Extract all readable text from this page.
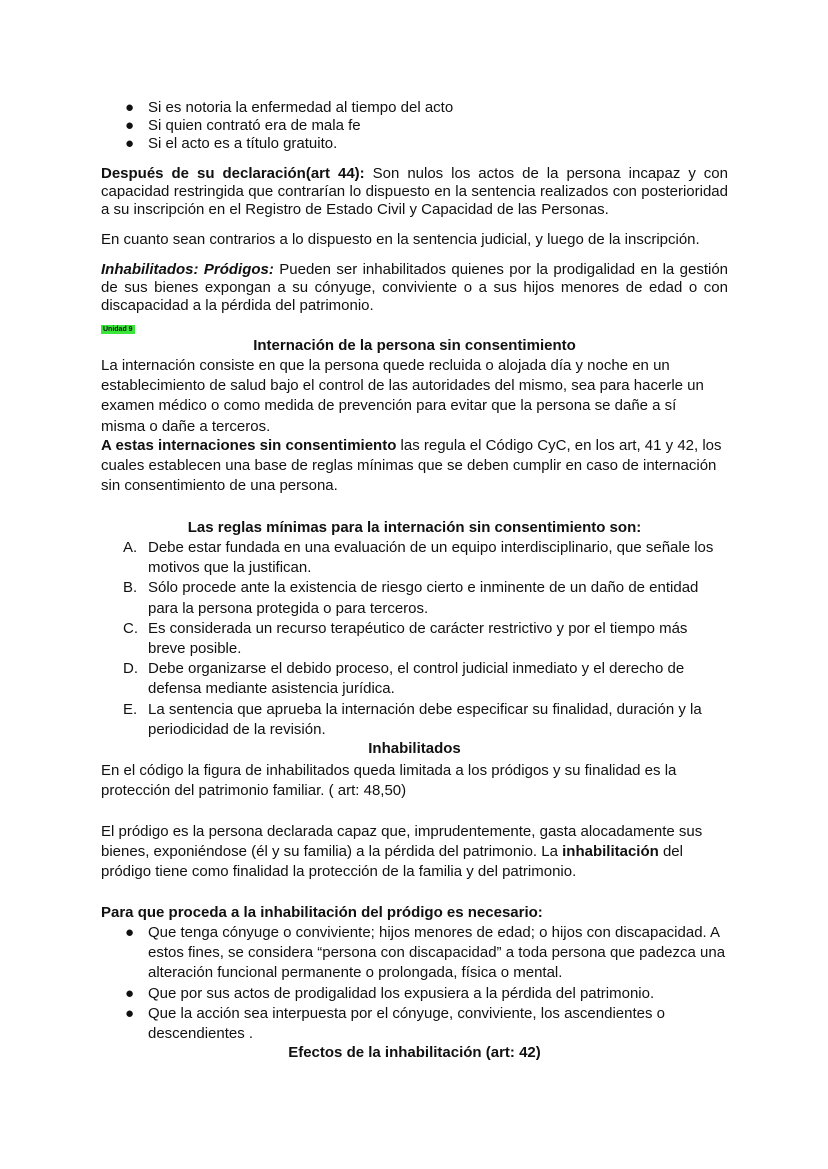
● Si es notoria la enfermedad al tiempo del acto
● Si quien contrató era de mala fe
● Si el acto es a título gratuito.

Después de su declaración(art 44): Son nulos los actos de la persona incapaz y con capacidad restringida que contrarían lo dispuesto en la sentencia realizados con posterioridad a su inscripción en el Registro de Estado Civil y Capacidad de las Personas.

En cuanto sean contrarios a lo dispuesto en la sentencia judicial, y luego de la inscripción.

Inhabilitados: Pródigos: Pueden ser inhabilitados quienes por la prodigalidad en la gestión de sus bienes expongan a su cónyuge, conviviente o a sus hijos menores de edad o con discapacidad a la pérdida del patrimonio.

Unidad 9
Internación de la persona sin consentimiento

La internación consiste en que la persona quede recluida o alojada día y noche en un establecimiento de salud bajo el control de las autoridades del mismo, sea para hacerle un examen médico o como medida de prevención para evitar que la persona se dañe a sí misma o dañe a terceros.

A estas internaciones sin consentimiento las regula el Código CyC, en los art, 41 y 42, los cuales establecen una base de reglas mínimas que se deben cumplir en caso de internación sin consentimiento de una persona.

Las reglas mínimas para la internación sin consentimiento son:
A. Debe estar fundada en una evaluación de un equipo interdisciplinario, que señale los motivos que la justifican.
B. Sólo procede ante la existencia de riesgo cierto e inminente de un daño de entidad para la persona protegida o para terceros.
C. Es considerada un recurso terapéutico de carácter restrictivo y por el tiempo más breve posible.
D. Debe organizarse el debido proceso, el control judicial inmediato y el derecho de defensa mediante asistencia jurídica.
E. La sentencia que aprueba la internación debe especificar su finalidad, duración y la periodicidad de la revisión.
Inhabilitados

En el código la figura de inhabilitados queda limitada a los pródigos y su finalidad es la protección del patrimonio familiar. ( art: 48,50)

El pródigo es la persona declarada capaz que, imprudentemente, gasta alocadamente sus bienes, exponiéndose (él y su familia) a la pérdida del patrimonio. La inhabilitación del pródigo tiene como finalidad la protección de la familia y del patrimonio.

Para que proceda a la inhabilitación del pródigo es necesario:
● Que tenga cónyuge o conviviente; hijos menores de edad; o hijos con discapacidad. A estos fines, se considera “persona con discapacidad” a toda persona que padezca una alteración funcional permanente o prolongada, física o mental.
● Que por sus actos de prodigalidad los expusiera a la pérdida del patrimonio.
● Que la acción sea interpuesta por el cónyuge, conviviente, los ascendientes o descendientes .
Efectos de la inhabilitación (art: 42)
